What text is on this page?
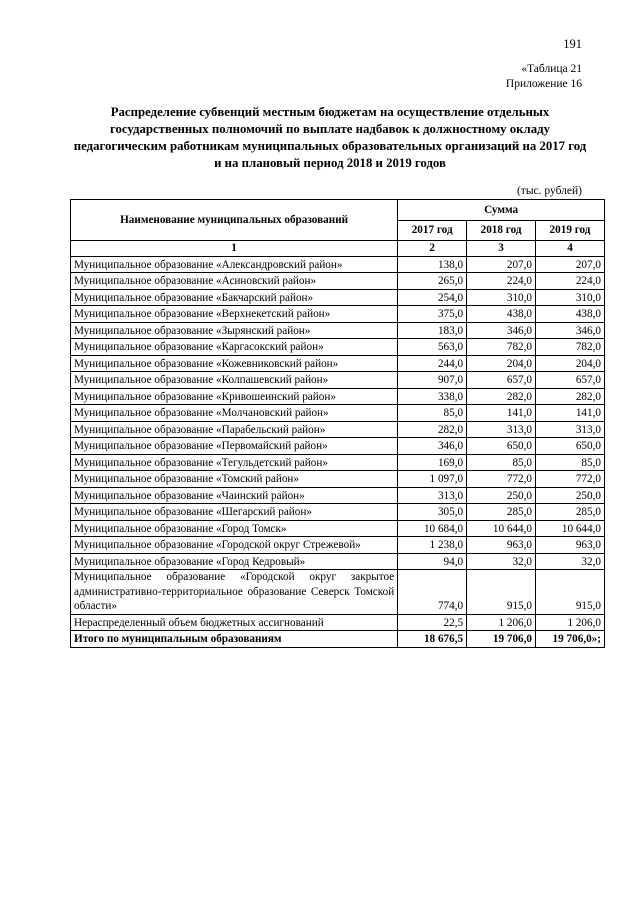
191
«Таблица 21
Приложение 16
Распределение субвенций местным бюджетам на осуществление отдельных государственных полномочий по выплате надбавок к должностному окладу педагогическим работникам муниципальных образовательных организаций на 2017 год и на плановый период 2018 и 2019 годов
(тыс. рублей)
Наименование муниципальных образований	Сумма		
	2017 год	2018 год	2019 год
1	2	3	4
Муниципальное образование «Александровский район»	138,0	207,0	207,0
Муниципальное образование «Асиновский район»	265,0	224,0	224,0
Муниципальное образование «Бакчарский район»	254,0	310,0	310,0
Муниципальное образование «Верхнекетский район»	375,0	438,0	438,0
Муниципальное образование «Зырянский район»	183,0	346,0	346,0
Муниципальное образование «Каргасокский район»	563,0	782,0	782,0
Муниципальное образование «Кожевниковский район»	244,0	204,0	204,0
Муниципальное образование «Колпашевский район»	907,0	657,0	657,0
Муниципальное образование «Кривошеинский район»	338,0	282,0	282,0
Муниципальное образование «Молчановский район»	85,0	141,0	141,0
Муниципальное образование «Парабельский район»	282,0	313,0	313,0
Муниципальное образование «Первомайский район»	346,0	650,0	650,0
Муниципальное образование «Тегульдетский район»	169,0	85,0	85,0
Муниципальное образование «Томский район»	1 097,0	772,0	772,0
Муниципальное образование «Чаинский район»	313,0	250,0	250,0
Муниципальное образование «Шегарский район»	305,0	285,0	285,0
Муниципальное образование «Город Томск»	10 684,0	10 644,0	10 644,0
Муниципальное образование «Городской округ Стрежевой»	1 238,0	963,0	963,0
Муниципальное образование «Город Кедровый»	94,0	32,0	32,0
Муниципальное образование «Городской округ закрытое административно-территориальное образование Северск Томской области»	774,0	915,0	915,0
Нераспределенный объем бюджетных ассигнований	22,5	1 206,0	1 206,0
Итого по муниципальным образованиям	18 676,5	19 706,0	19 706,0»;
